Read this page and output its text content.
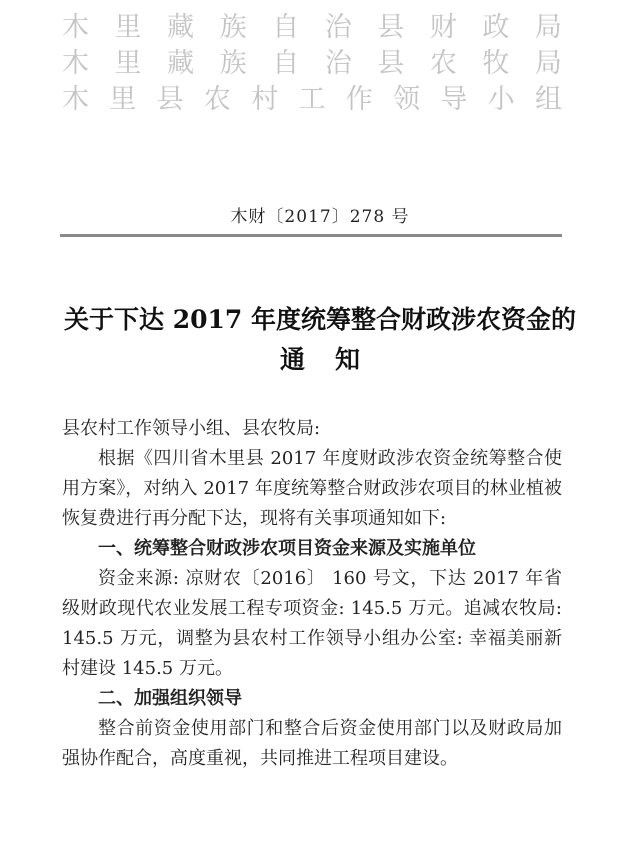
木 里 藏 族 自 治 县 财 政 局
木 里 藏 族 自 治 县 农 牧 局
木 里 县 农 村 工 作 领 导 小 组
木财〔2017〕278 号
关于下达 2017 年度统筹整合财政涉农资金的
通知

县农村工作领导小组、县农牧局:

根据《四川省木里县 2017 年度财政涉农资金统筹整合使用方案》，对纳入 2017 年度统筹整合财政涉农项目的林业植被恢复费进行再分配下达，现将有关事项通知如下:

一、统筹整合财政涉农项目资金来源及实施单位

资金来源: 凉财农〔2016〕 160 号文，下达 2017 年省级财政现代农业发展工程专项资金: 145.5 万元。追减农牧局: 145.5 万元，调整为县农村工作领导小组办公室: 幸福美丽新村建设 145.5 万元。

二、加强组织领导

整合前资金使用部门和整合后资金使用部门以及财政局加强协作配合，高度重视，共同推进工程项目建设。
